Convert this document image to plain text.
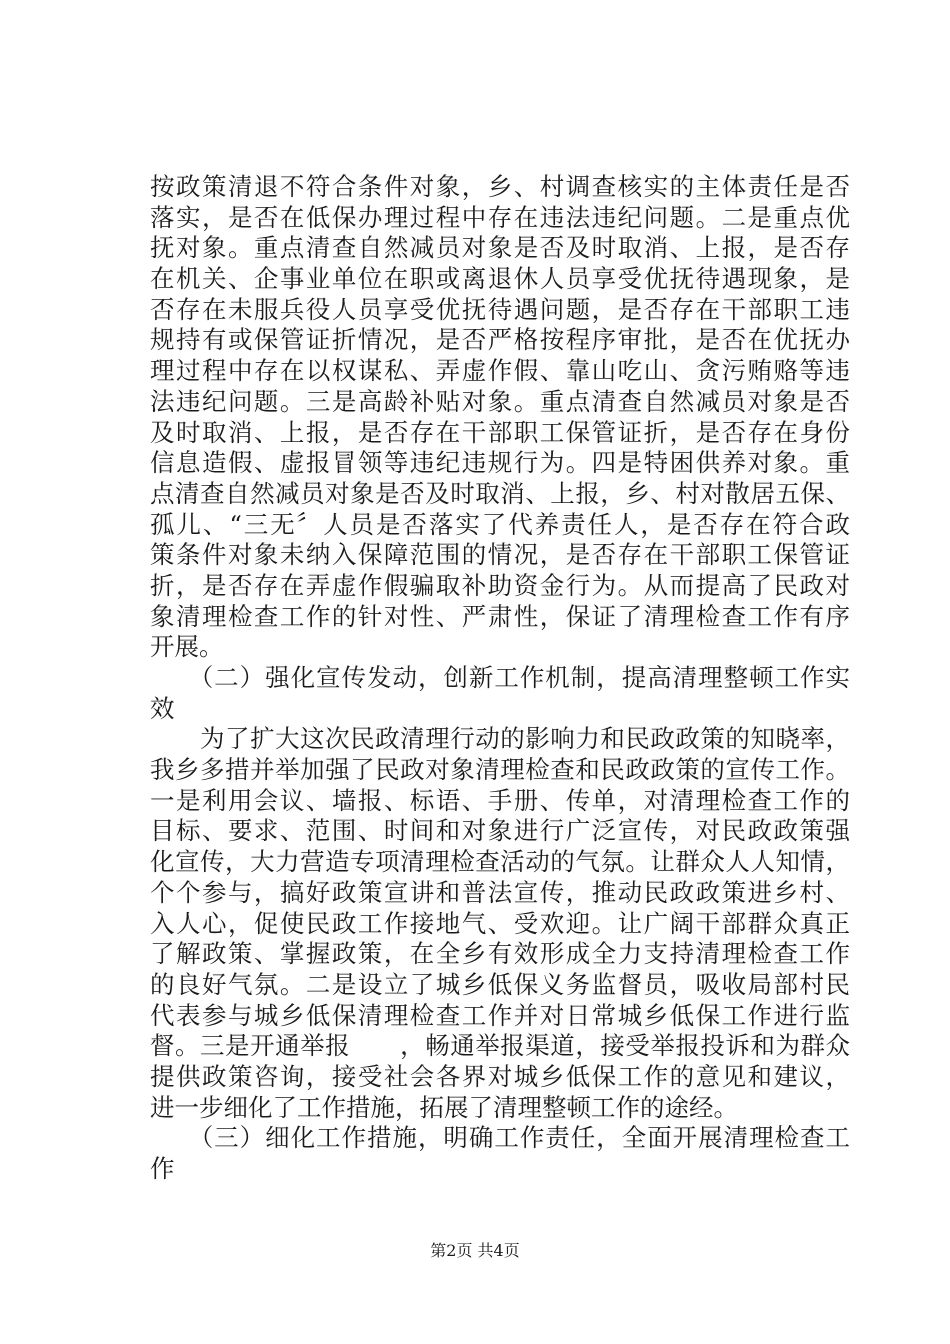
按政策清退不符合条件对象，乡、村调查核实的主体责任是否
落实，是否在低保办理过程中存在违法违纪问题。二是重点优
抚对象。重点清查自然减员对象是否及时取消、上报，是否存
在机关、企事业单位在职或离退休人员享受优抚待遇现象，是
否存在未服兵役人员享受优抚待遇问题，是否存在干部职工违
规持有或保管证折情况，是否严格按程序审批，是否在优抚办
理过程中存在以权谋私、弄虚作假、靠山吃山、贪污贿赂等违
法违纪问题。三是高龄补贴对象。重点清查自然减员对象是否
及时取消、上报，是否存在干部职工保管证折，是否存在身份
信息造假、虚报冒领等违纪违规行为。四是特困供养对象。重
点清查自然减员对象是否及时取消、上报，乡、村对散居五保、
孤儿、“三无〞人员是否落实了代养责任人，是否存在符合政
策条件对象未纳入保障范围的情况，是否存在干部职工保管证
折，是否存在弄虚作假骗取补助资金行为。从而提高了民政对
象清理检查工作的针对性、严肃性，保证了清理检查工作有序
开展。
　　（二）强化宣传发动，创新工作机制，提高清理整顿工作实
效
　　为了扩大这次民政清理行动的影响力和民政政策的知晓率，
我乡多措并举加强了民政对象清理检查和民政政策的宣传工作。
一是利用会议、墙报、标语、手册、传单，对清理检查工作的
目标、要求、范围、时间和对象进行广泛宣传，对民政政策强
化宣传，大力营造专项清理检查活动的气氛。让群众人人知情，
个个参与，搞好政策宣讲和普法宣传，推动民政政策进乡村、
入人心，促使民政工作接地气、受欢迎。让广阔干部群众真正
了解政策、掌握政策，在全乡有效形成全力支持清理检查工作
的良好气氛。二是设立了城乡低保义务监督员，吸收局部村民
代表参与城乡低保清理检查工作并对日常城乡低保工作进行监
督。三是开通举报　　，畅通举报渠道，接受举报投诉和为群众
提供政策咨询，接受社会各界对城乡低保工作的意见和建议，
进一步细化了工作措施，拓展了清理整顿工作的途经。
　　（三）细化工作措施，明确工作责任，全面开展清理检查工
作
第2页 共4页
